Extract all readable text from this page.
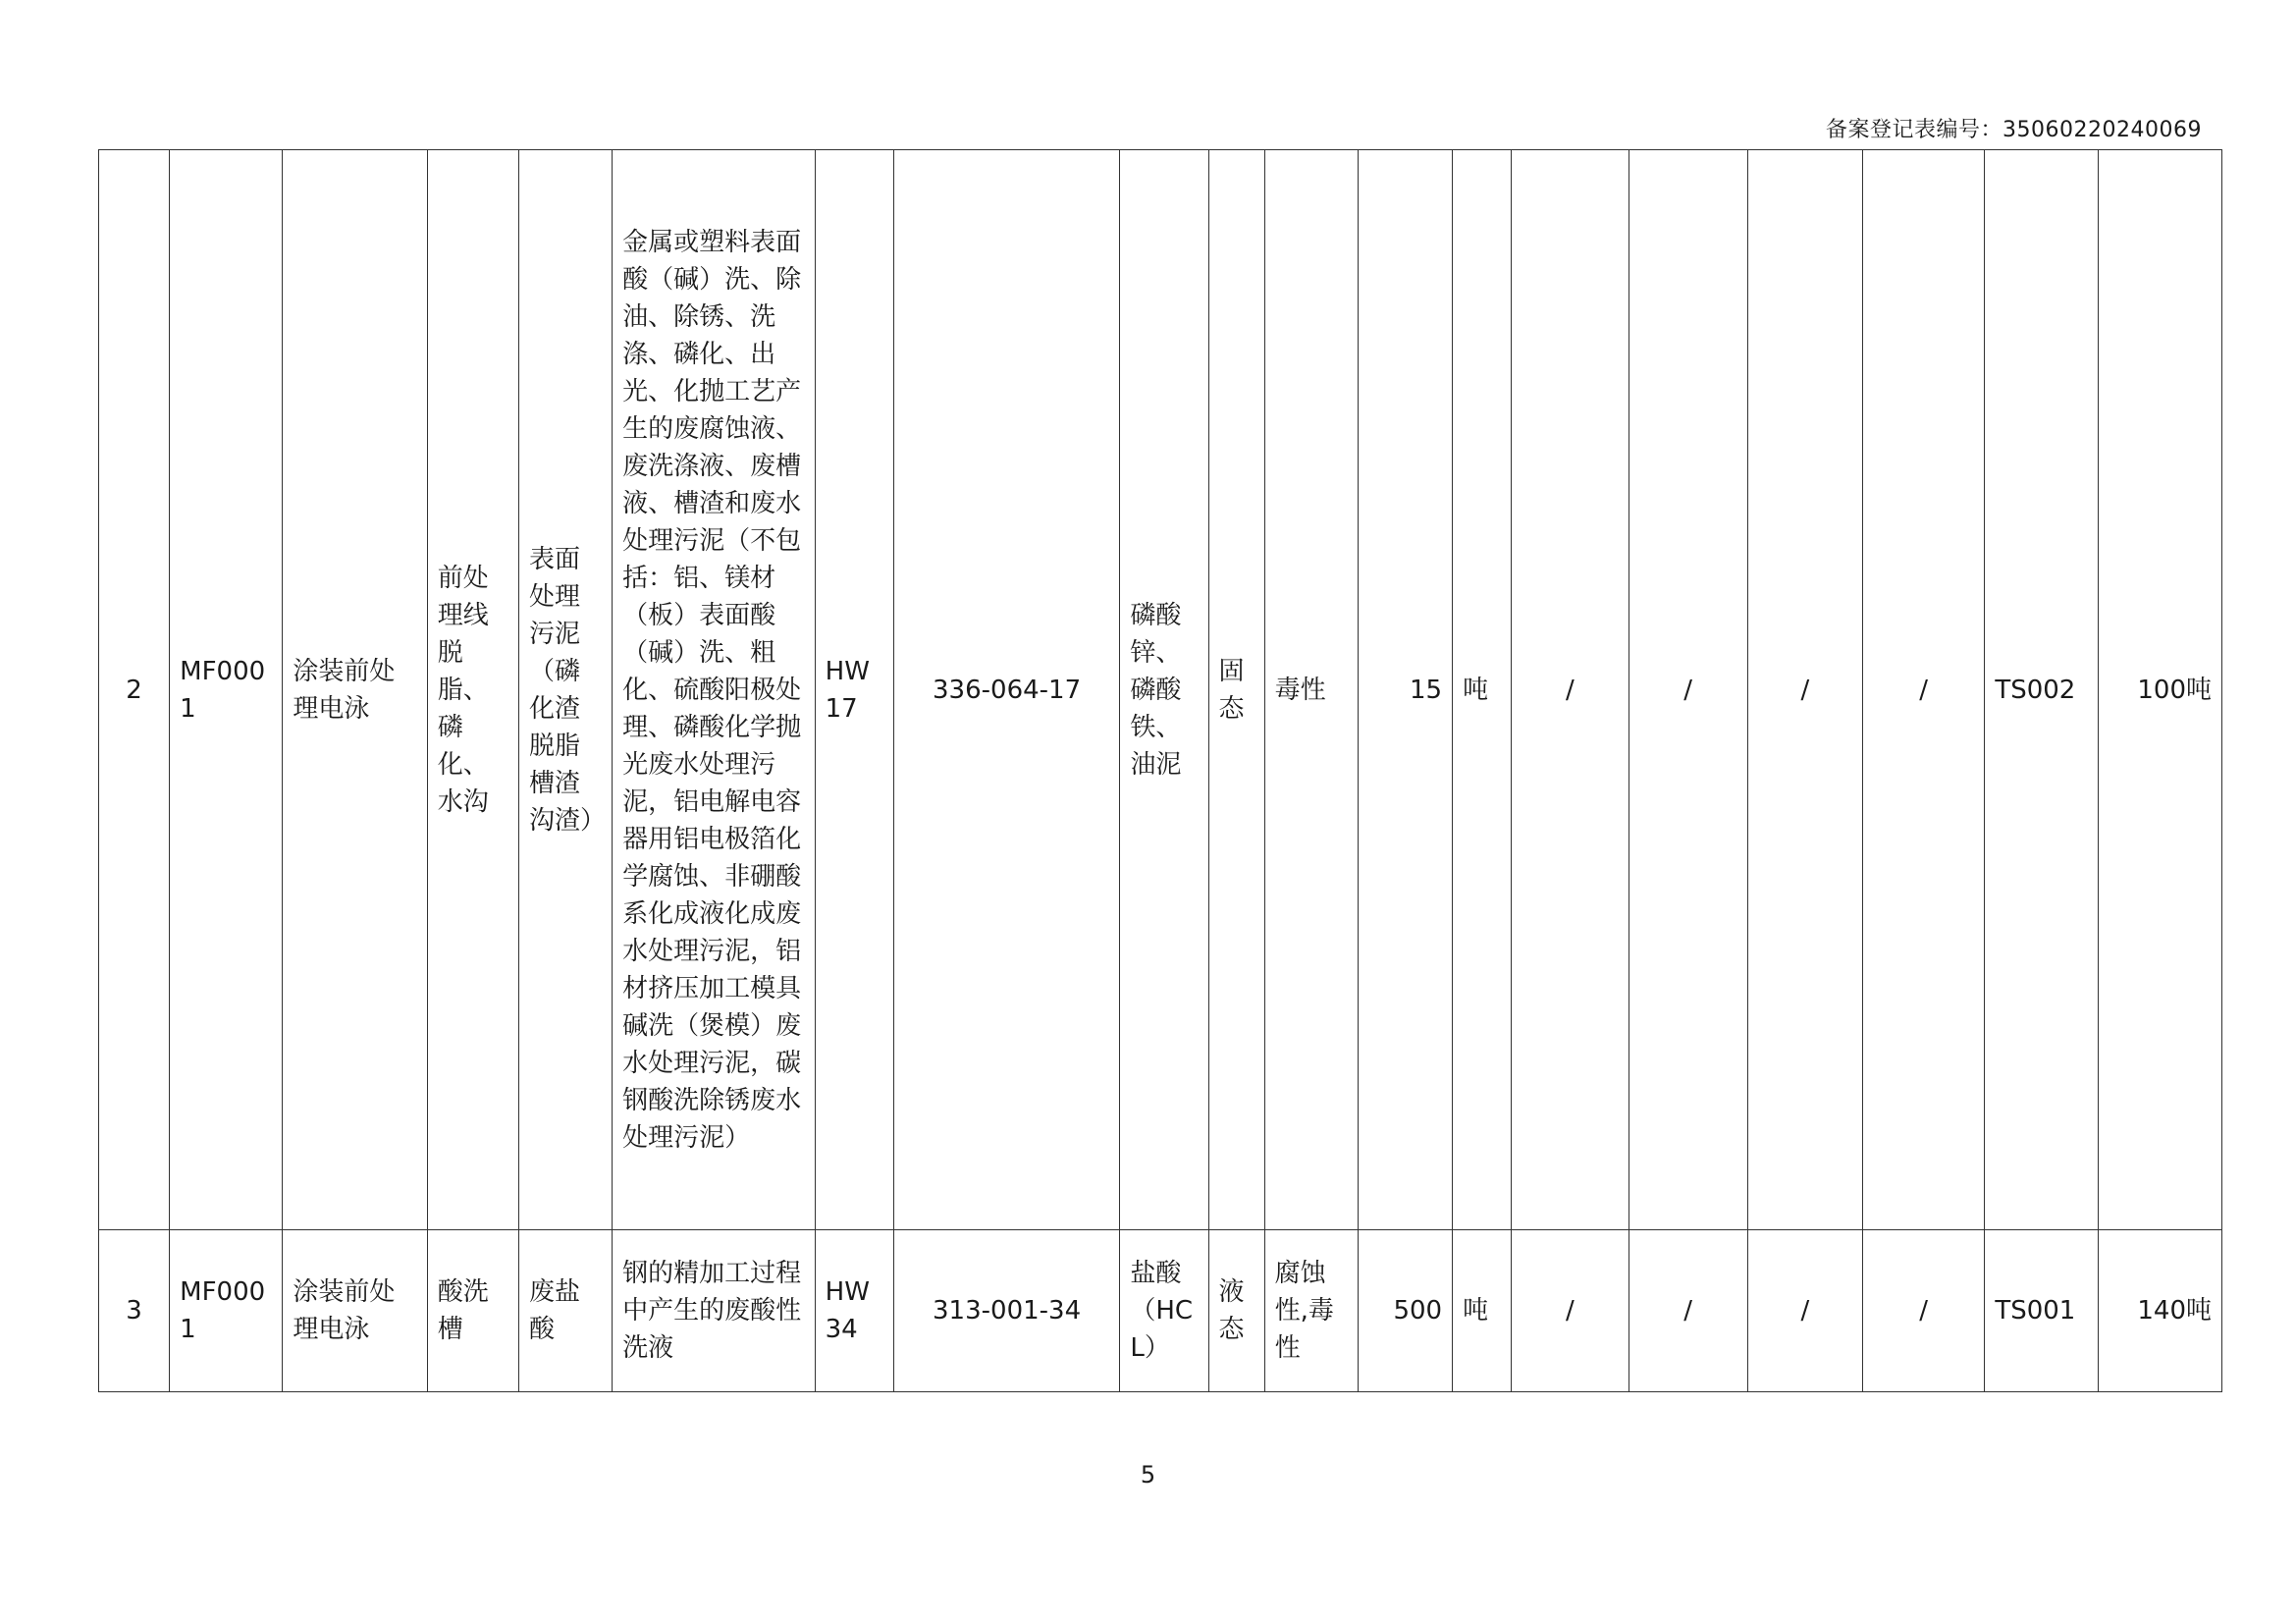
备案登记表编号：35060220240069
2	MF0001	涂装前处理电泳	前处理线脱脂、磷化、水沟	表面处理污泥（磷化渣脱脂槽渣沟渣）	金属或塑料表面酸（碱）洗、除油、除锈、洗涤、磷化、出光、化抛工艺产生的废腐蚀液、废洗涤液、废槽液、槽渣和废水处理污泥（不包括：铝、镁材（板）表面酸（碱）洗、粗化、硫酸阳极处理、磷酸化学抛光废水处理污泥，铝电解电容器用铝电极箔化学腐蚀、非硼酸系化成液化成废水处理污泥，铝材挤压加工模具碱洗（煲模）废水处理污泥，碳钢酸洗除锈废水处理污泥）	HW17	336-064-17	磷酸锌、磷酸铁、油泥	固态	毒性	15	吨	/	/	/	/	TS002	100吨
3	MF0001	涂装前处理电泳	酸洗槽	废盐酸	钢的精加工过程中产生的废酸性洗液	HW34	313-001-34	盐酸（HCL）	液态	腐蚀性,毒性	500	吨	/	/	/	/	TS001	140吨
5
